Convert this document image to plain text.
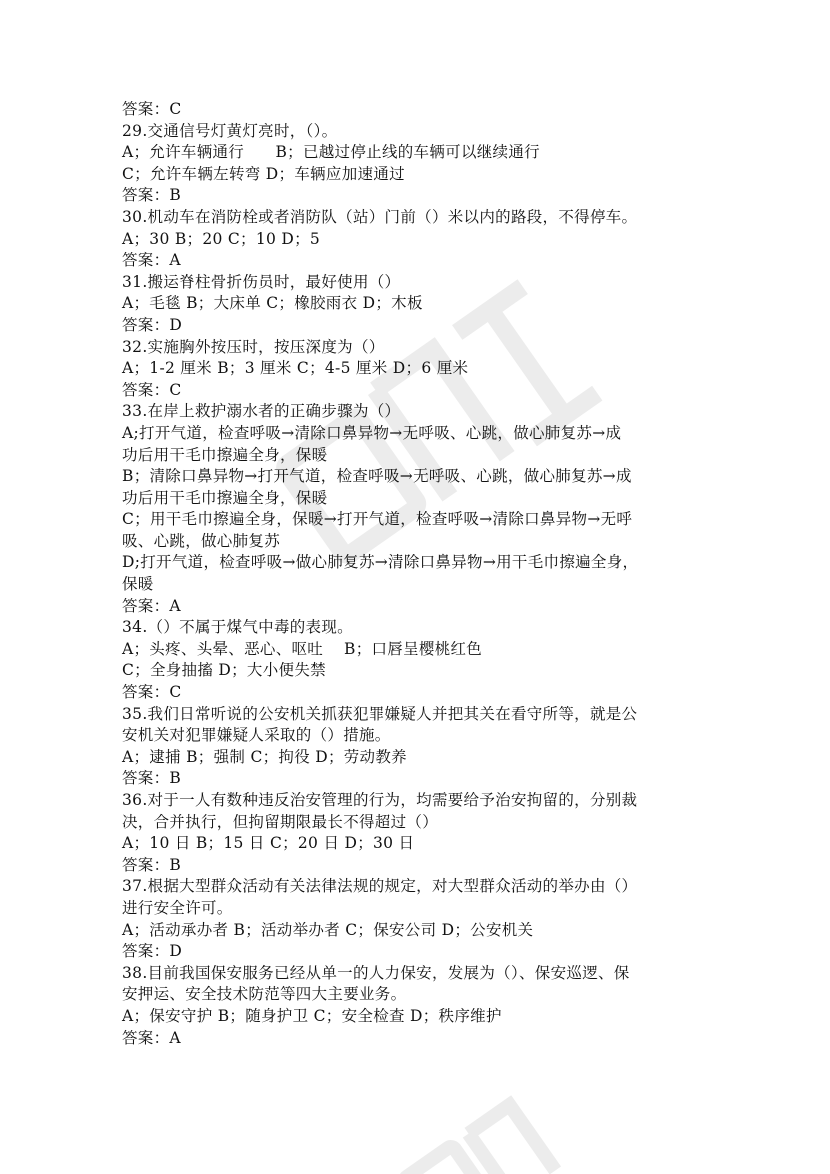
答案：C
29.交通信号灯黄灯亮时，（）。
A；允许车辆通行      B；已越过停止线的车辆可以继续通行
C；允许车辆左转弯 D；车辆应加速通过
答案：B
30.机动车在消防栓或者消防队（站）门前（）米以内的路段，不得停车。
A；30 B；20 C；10 D；5
答案：A
31.搬运脊柱骨折伤员时，最好使用（）
A；毛毯 B；大床单 C；橡胶雨衣 D；木板
答案：D
32.实施胸外按压时，按压深度为（）
A；1-2 厘米 B；3 厘米 C；4-5 厘米 D；6 厘米
答案：C
33.在岸上救护溺水者的正确步骤为（）
A;打开气道，检查呼吸→清除口鼻异物→无呼吸、心跳，做心肺复苏→成
功后用干毛巾擦遍全身，保暖
B；清除口鼻异物→打开气道，检查呼吸→无呼吸、心跳，做心肺复苏→成
功后用干毛巾擦遍全身，保暖
C；用干毛巾擦遍全身，保暖→打开气道，检查呼吸→清除口鼻异物→无呼
吸、心跳，做心肺复苏
D;打开气道，检查呼吸→做心肺复苏→清除口鼻异物→用干毛巾擦遍全身，
保暖
答案：A
34.（）不属于煤气中毒的表现。
A；头疼、头晕、恶心、呕吐    B；口唇呈樱桃红色
C；全身抽搐 D；大小便失禁
答案：C
35.我们日常听说的公安机关抓获犯罪嫌疑人并把其关在看守所等，就是公
安机关对犯罪嫌疑人采取的（）措施。
A；逮捕 B；强制 C；拘役 D；劳动教养
答案：B
36.对于一人有数种违反治安管理的行为，均需要给予治安拘留的，分别裁
决，合并执行，但拘留期限最长不得超过（）
A；10 日 B；15 日 C；20 日 D；30 日
答案：B
37.根据大型群众活动有关法律法规的规定，对大型群众活动的举办由（）
进行安全许可。
A；活动承办者 B；活动举办者 C；保安公司 D；公安机关
答案：D
38.目前我国保安服务已经从单一的人力保安，发展为（）、保安巡逻、保
安押运、安全技术防范等四大主要业务。
A；保安守护 B；随身护卫 C；安全检查 D；秩序维护
答案：A
